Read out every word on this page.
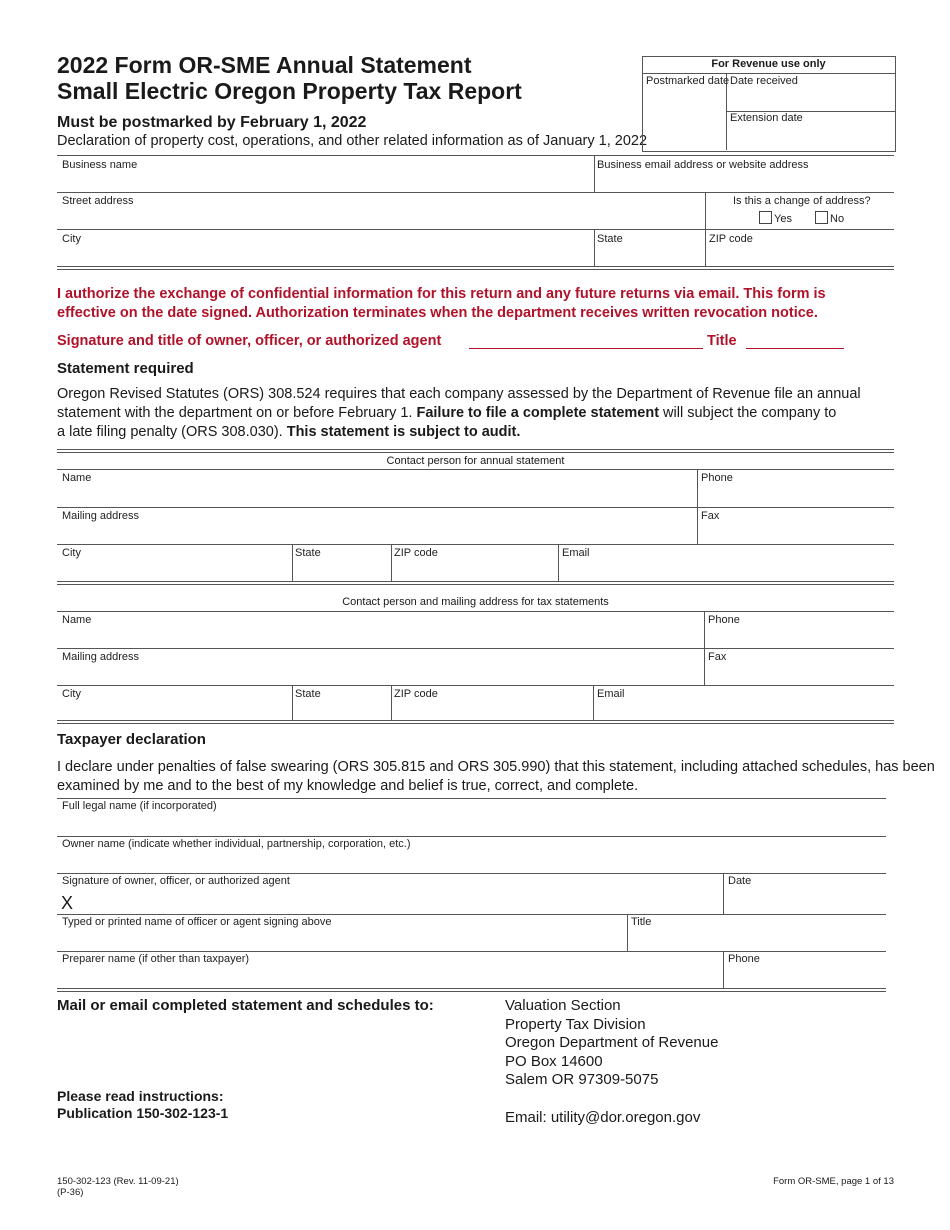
2022 Form OR-SME Annual Statement
Small Electric Oregon Property Tax Report
Must be postmarked by February 1, 2022
Declaration of property cost, operations, and other related information as of January 1, 2022
For Revenue use only
Postmarked date Date received
Extension date
Business name	Business email address or website address
Street address	Is this a change of address?
Yes	No
City	State	ZIP code
I authorize the exchange of confidential information for this return and any future returns via email. This form is
effective on the date signed. Authorization terminates when the department receives written revocation notice.
Signature and title of owner, officer, or authorized agent	Title
Statement required
Oregon Revised Statutes (ORS) 308.524 requires that each company assessed by the Department of Revenue file an annual
statement with the department on or before February 1. Failure to file a complete statement will subject the company to
a late filing penalty (ORS 308.030). This statement is subject to audit.
Contact person for annual statement
Name	Phone
Mailing address	Fax
City	State	ZIP code	Email
Contact person and mailing address for tax statements
Name	Phone
Mailing address	Fax
City	State	ZIP code	Email
Taxpayer declaration
I declare under penalties of false swearing (ORS 305.815 and ORS 305.990) that this statement, including attached schedules, has been
examined by me and to the best of my knowledge and belief is true, correct, and complete.
Full legal name (if incorporated)
Owner name (indicate whether individual, partnership, corporation, etc.)
Signature of owner, officer, or authorized agent
X
Date
Typed or printed name of officer or agent signing above	Title
Preparer name (if other than taxpayer)	Phone
Mail or email completed statement and schedules to:	Valuation Section
Property Tax Division
Oregon Department of Revenue
PO Box 14600
Salem OR 97309-5075
Email: utility@dor.oregon.gov
Please read instructions:
Publication 150-302-123-1
150-302-123 (Rev. 11-09-21)
(P-36)
Form OR-SME, page 1 of 13
